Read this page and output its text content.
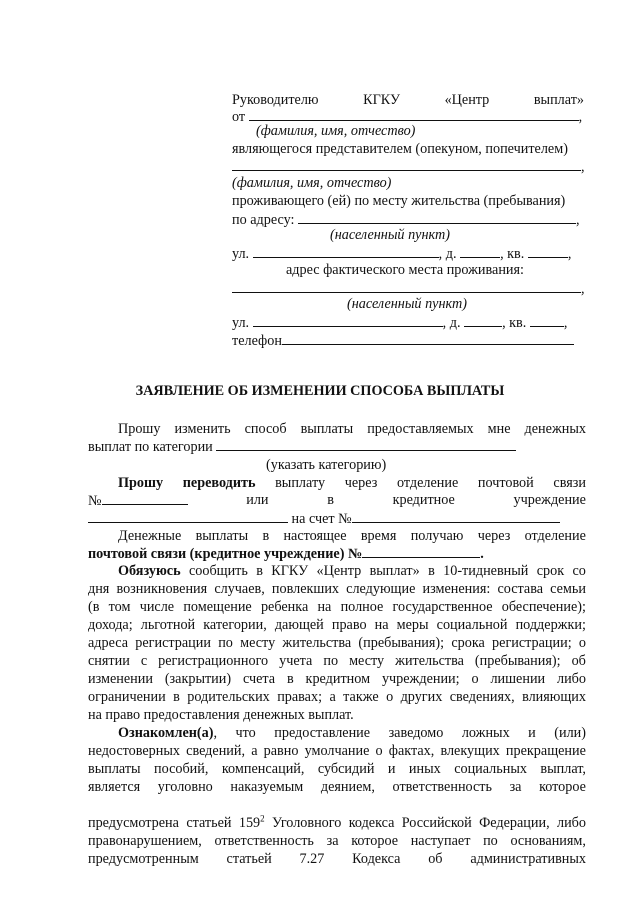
Руководителю	КГКУ	«Центр	выплат»
от	,
(фамилия, имя, отчество)
являющегося представителем (опекуном, попечителем)
,
(фамилия, имя, отчество)
проживающего (ей) по месту жительства (пребывания)
по адресу:	,
(населенный пункт)
ул.	, д.	, кв.	,
адрес фактического места проживания:
,
(населенный пункт)
ул.	, д.	, кв.	,
телефон
ЗАЯВЛЕНИЕ ОБ ИЗМЕНЕНИИ СПОСОБА ВЫПЛАТЫ
Прошу изменить способ выплаты предоставляемых мне денежных
выплат по категории
(указать категорию)
Прошу переводить выплату через отделение почтовой связи
№	или	в	кредитное	учреждение
на счет №
Денежные выплаты в настоящее время получаю через отделение
почтовой связи (кредитное учреждение) №	.
Обязуюсь сообщить в КГКУ «Центр выплат» в 10-тидневный срок со
дня возникновения случаев, повлекших следующие изменения: состава семьи
(в том числе помещение ребенка на полное государственное обеспечение);
дохода; льготной категории, дающей право на меры социальной поддержки;
адреса регистрации по месту жительства (пребывания); срока регистрации; о
снятии с регистрационного учета по месту жительства (пребывания); об
изменении (закрытии) счета в кредитном учреждении; о лишении либо
ограничении в родительских правах; а также о других сведениях, влияющих
на право предоставления денежных выплат.
Ознакомлен(а), что предоставление заведомо ложных и (или)
недостоверных сведений, а равно умолчание о фактах, влекущих прекращение
выплаты пособий, компенсаций, субсидий и иных социальных выплат,
является уголовно наказуемым деянием, ответственность за которое
предусмотрена статьей $159^2$ Уголовного кодекса Российской Федерации, либо
правонарушением, ответственность за которое наступает по основаниям,
предусмотренным статьей 7.27 Кодекса об административных
